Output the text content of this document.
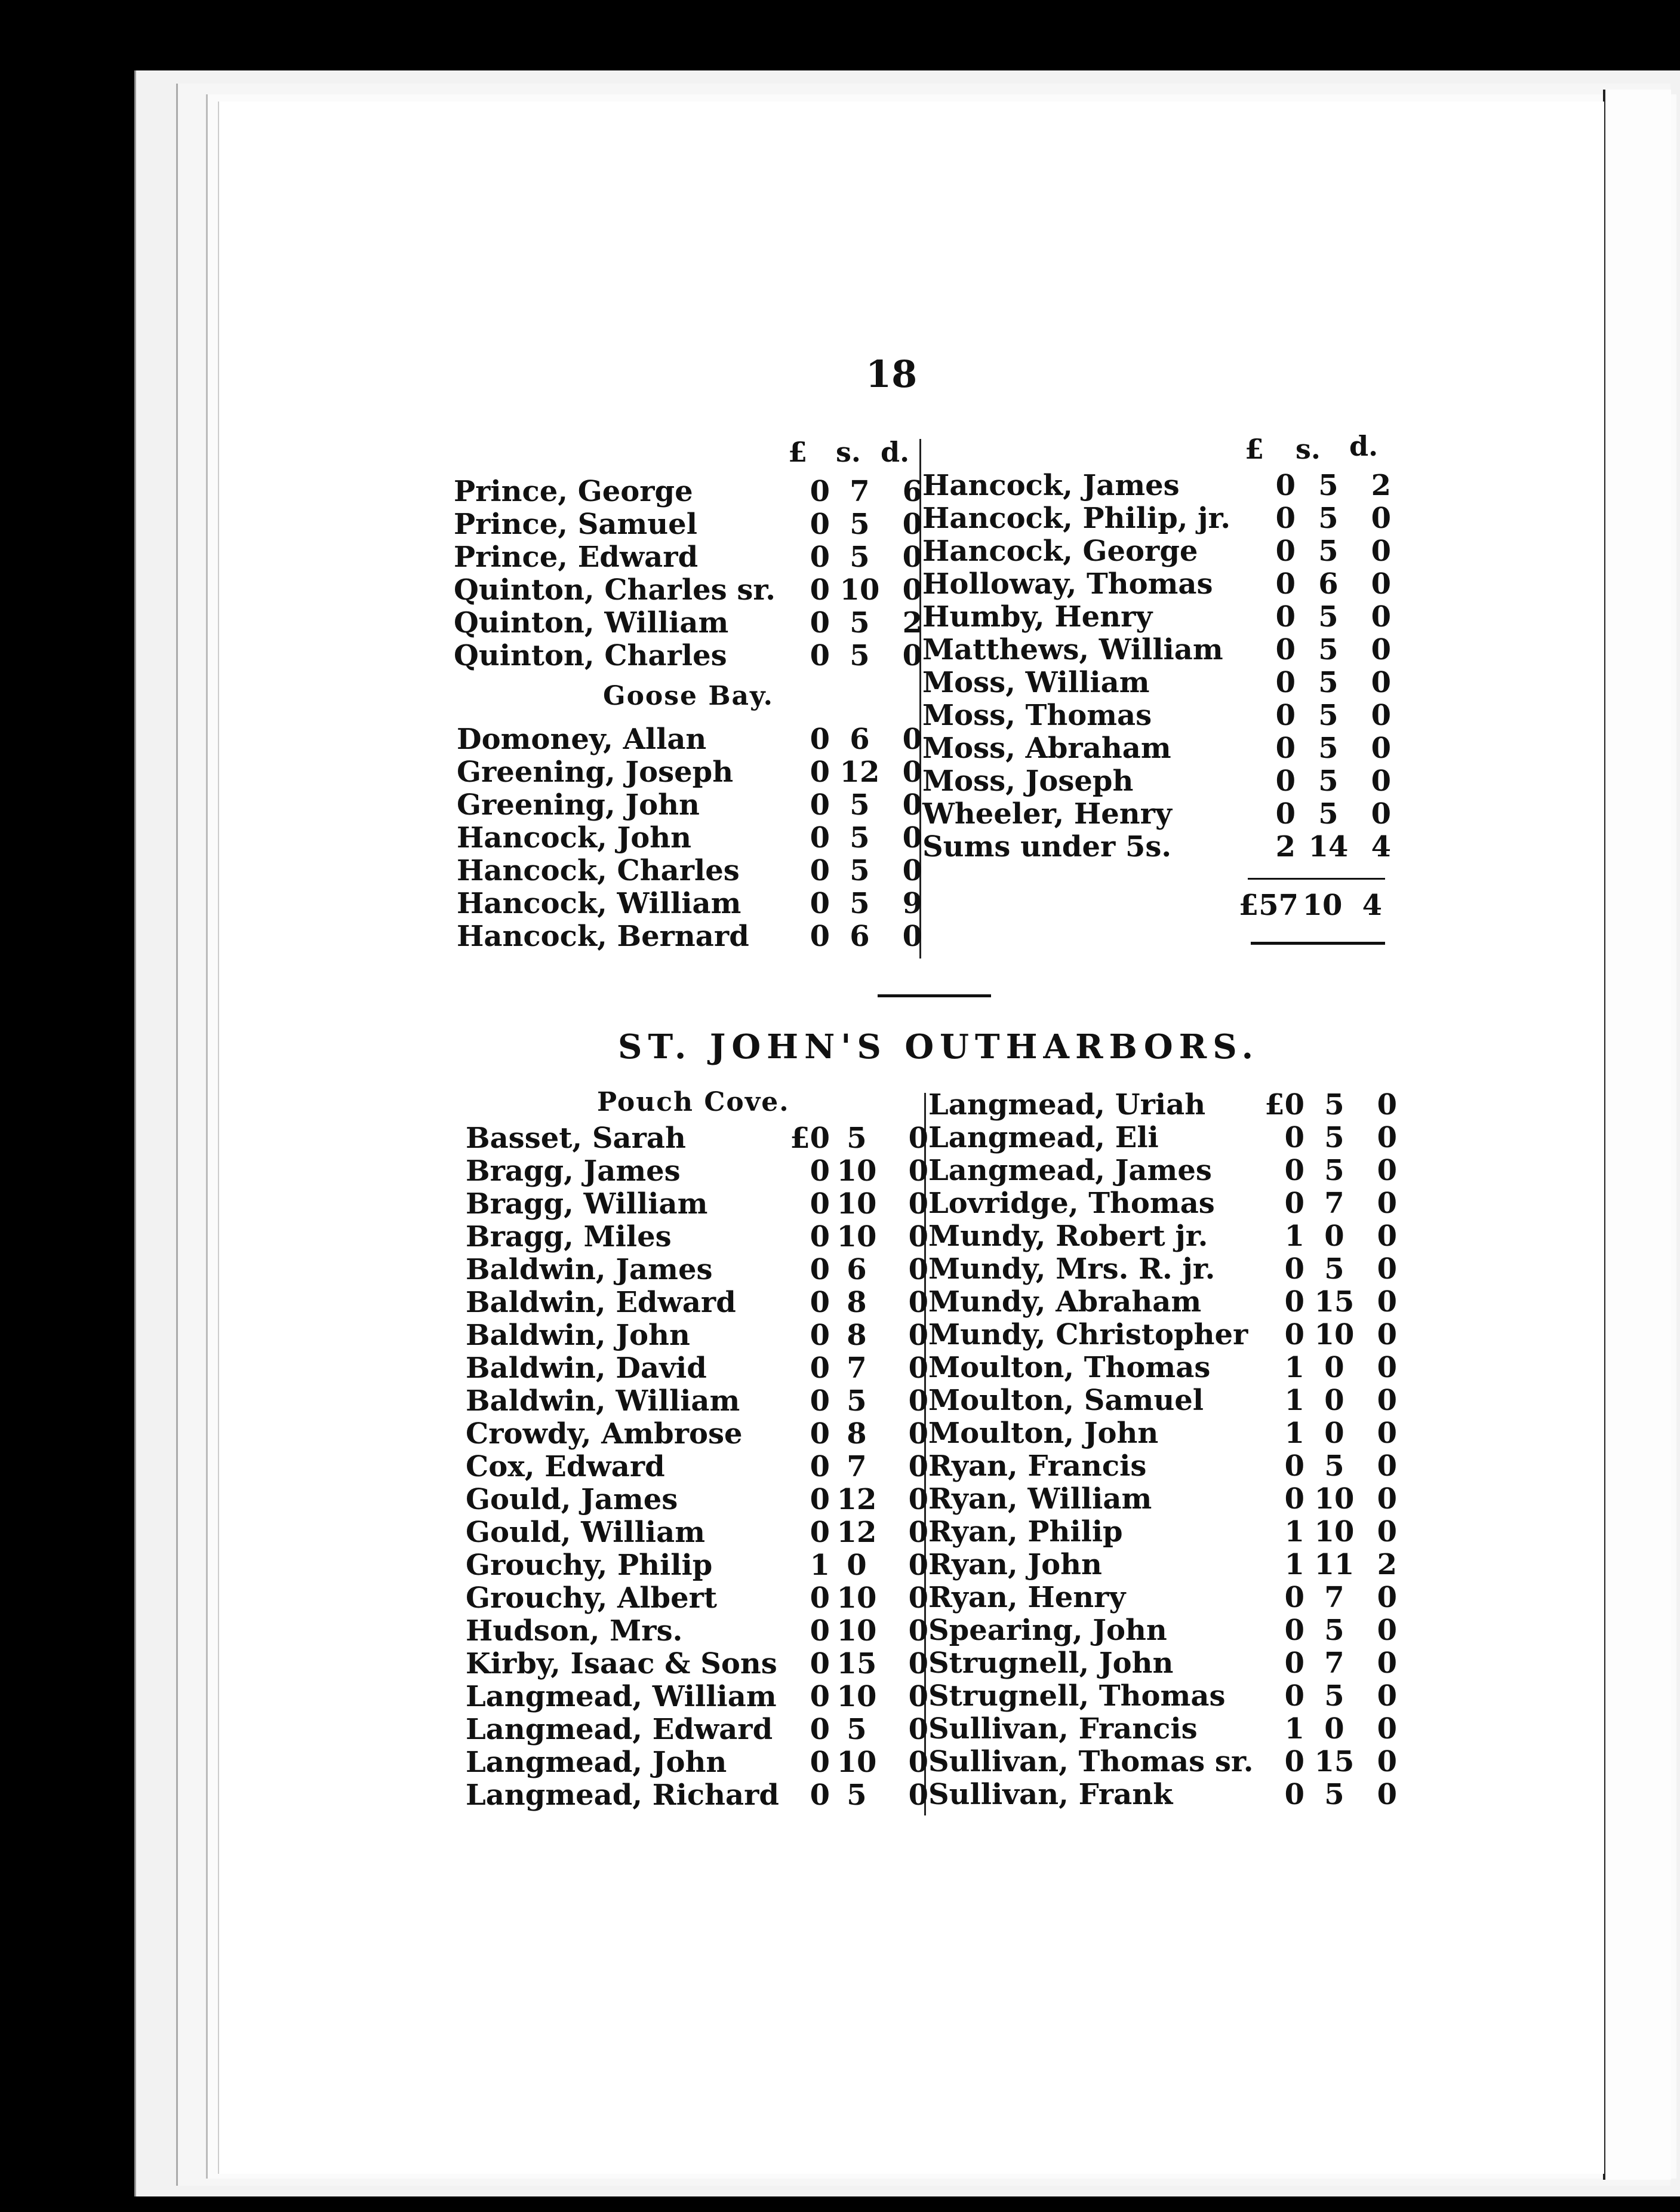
18
£ s. d.	£ s. d.
Prince, George	0 7	6
Prince, Samuel	0 5	0
Prince, Edward	0 5	0
Quinton, Charles sr.	0 10 0
Quinton, William	0 5	2
Quinton, Charles	0 5	0
Goose Bay.
Domoney, Allan	0 6	0
Greening, Joseph	0 12 0
Greening, John	0 5	0
Hancock, John	0 5	0
Hancock, Charles	0 5	0
Hancock, William	0 5	9
Hancock, Bernard	0 6	0
Hancock, James	0 5	2
Hancock, Philip, jr.	0 5	0
Hancock, George	0 5	0
Holloway, Thomas	0 6	0
Humby, Henry	0 5	0
Matthews, William	0 5	0
Moss, William	0 5	0
Moss, Thomas	0 5	0
Moss, Abraham	0 5	0
Moss, Joseph	0 5	0
Wheeler, Henry	0 5	0
Sums under 5s.	2 14 4
£57 10 4
ST. JOHN'S OUTHARBORS.
Pouch Cove.
Basset, Sarah	£0 5	0
Bragg, James	0 10	0
Bragg, William	0 10	0
Bragg, Miles	0 10	0
Baldwin, James	0 6	0
Baldwin, Edward	0 8	0
Baldwin, John	0 8	0
Baldwin, David	0 7	0
Baldwin, William	0 5	0
Crowdy, Ambrose	0 8	0
Cox, Edward	0 7	0
Gould, James	0 12	0
Gould, William	0 12	0
Grouchy, Philip	1 0	0
Grouchy, Albert	0 10	0
Hudson, Mrs.	0 10	0
Kirby, Isaac & Sons	0 15	0
Langmead, William	0 10	0
Langmead, Edward	0 5	0
Langmead, John	0 10	0
Langmead, Richard	0 5	0
Langmead, Uriah £0 5	0
Langmead, Eli	0 5	0
Langmead, James	0 5	0
Lovridge, Thomas	0 7	0
Mundy, Robert jr.	1 0	0
Mundy, Mrs. R. jr.	0 5	0
Mundy, Abraham	0 15 0
Mundy, Christopher	0 10 0
Moulton, Thomas	1 0	0
Moulton, Samuel	1 0	0
Moulton, John	1 0	0
Ryan, Francis	0 5	0
Ryan, William	0 10 0
Ryan, Philip	1 10 0
Ryan, John	1 11 2
Ryan, Henry	0 7	0
Spearing, John	0 5	0
Strugnell, John	0 7	0
Strugnell, Thomas	0 5	0
Sullivan, Francis	1 0	0
Sullivan, Thomas sr.	0 15 0
Sullivan, Frank	0 5	0
